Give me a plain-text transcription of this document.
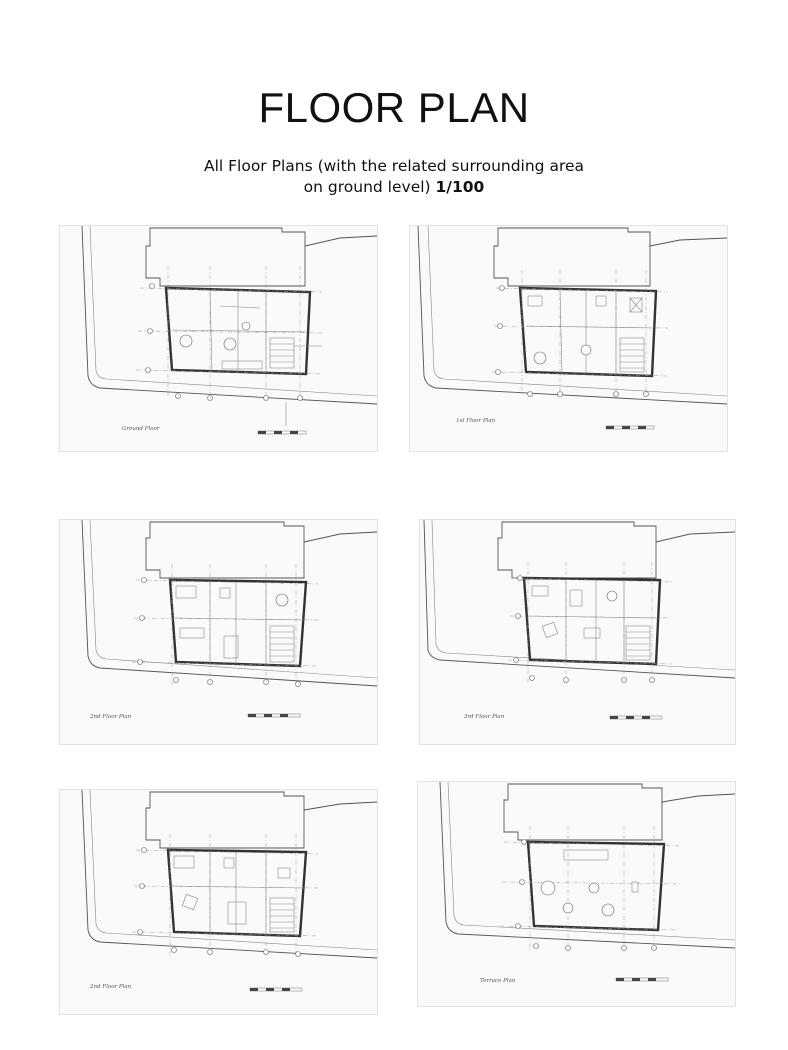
FLOOR PLAN
All Floor Plans (with the related surrounding area
on ground level) 1/100
Ground Floor
1st Floor Plan
2nd Floor Plan	3rd Floor Plan
2nd Floor Plan
Terrace Plan
